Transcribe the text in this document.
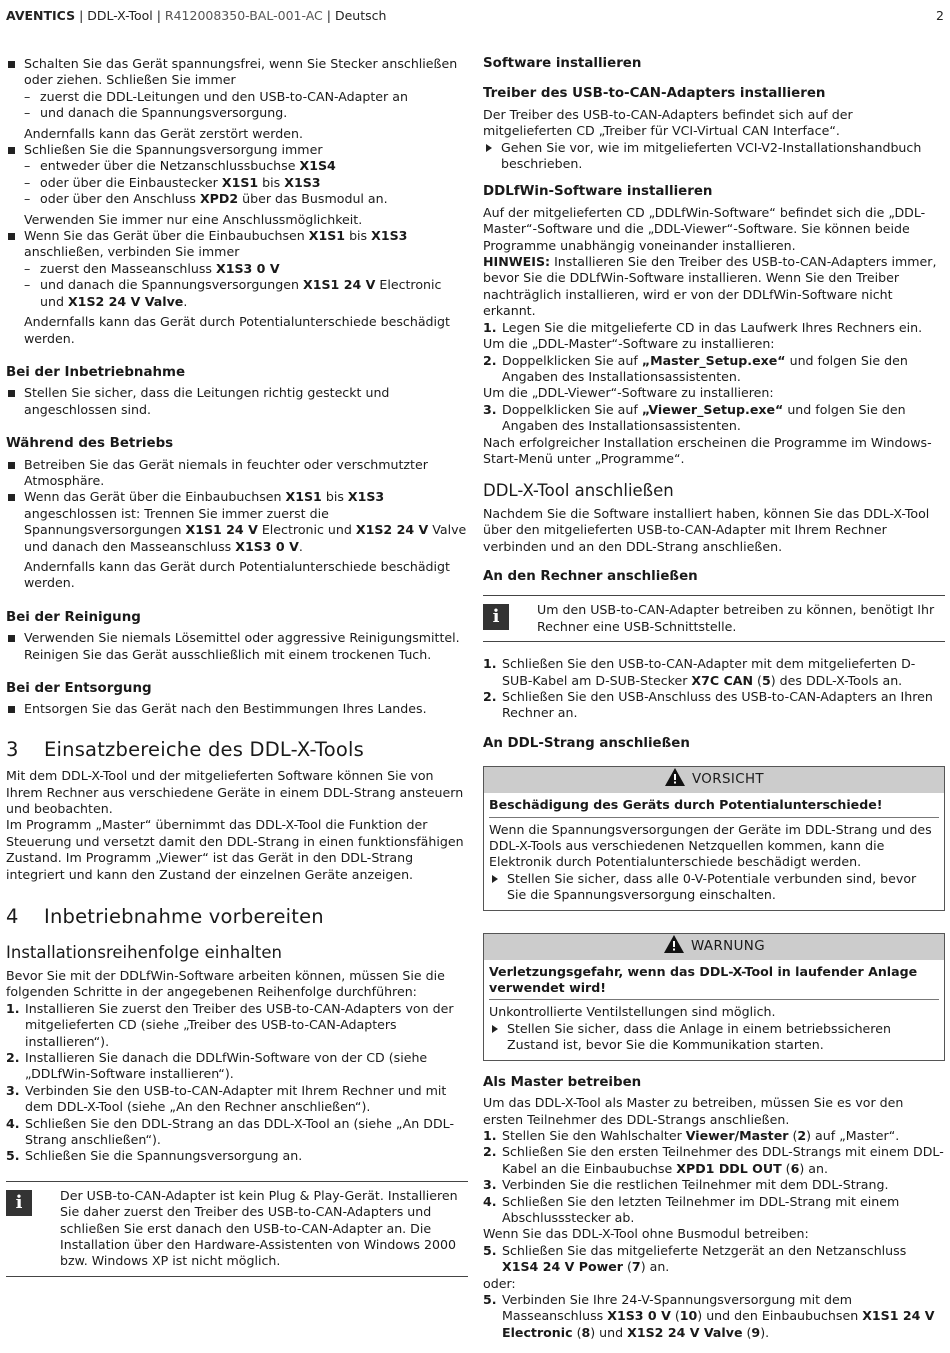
AVENTICS | DDL-X-Tool | R412008350-BAL-001-AC | Deutsch	2
Schalten Sie das Gerät spannungsfrei, wenn Sie Stecker anschließen oder ziehen. Schließen Sie immer
– zuerst die DDL-Leitungen und den USB-to-CAN-Adapter an
– und danach die Spannungsversorgung.
Andernfalls kann das Gerät zerstört werden.
Schließen Sie die Spannungsversorgung immer
– entweder über die Netzanschlussbuchse X1S4
– oder über die Einbaustecker X1S1 bis X1S3
– oder über den Anschluss XPD2 über das Busmodul an.
Verwenden Sie immer nur eine Anschlussmöglichkeit.
Wenn Sie das Gerät über die Einbaubuchsen X1S1 bis X1S3 anschließen, verbinden Sie immer
– zuerst den Masseanschluss X1S3 0 V
– und danach die Spannungsversorgungen X1S1 24 V Electronic und X1S2 24 V Valve.
Andernfalls kann das Gerät durch Potentialunterschiede beschädigt werden.
Bei der Inbetriebnahme
Stellen Sie sicher, dass die Leitungen richtig gesteckt und angeschlossen sind.
Während des Betriebs
Betreiben Sie das Gerät niemals in feuchter oder verschmutzter Atmosphäre.
Wenn das Gerät über die Einbaubuchsen X1S1 bis X1S3 angeschlossen ist: Trennen Sie immer zuerst die Spannungsversorgungen X1S1 24 V Electronic und X1S2 24 V Valve und danach den Masseanschluss X1S3 0 V.
Andernfalls kann das Gerät durch Potentialunterschiede beschädigt werden.
Bei der Reinigung
Verwenden Sie niemals Lösemittel oder aggressive Reinigungsmittel. Reinigen Sie das Gerät ausschließlich mit einem trockenen Tuch.
Bei der Entsorgung
Entsorgen Sie das Gerät nach den Bestimmungen Ihres Landes.
3 Einsatzbereiche des DDL-X-Tools
Mit dem DDL-X-Tool und der mitgelieferten Software können Sie von Ihrem Rechner aus verschiedene Geräte in einem DDL-Strang ansteuern und beobachten.
Im Programm „Master“ übernimmt das DDL-X-Tool die Funktion der Steuerung und versetzt damit den DDL-Strang in einen funktionsfähigen Zustand. Im Programm „Viewer“ ist das Gerät in den DDL-Strang integriert und kann den Zustand der einzelnen Geräte anzeigen.
4 Inbetriebnahme vorbereiten
Installationsreihenfolge einhalten
Bevor Sie mit der DDLfWin-Software arbeiten können, müssen Sie die folgenden Schritte in der angegebenen Reihenfolge durchführen:
1. Installieren Sie zuerst den Treiber des USB-to-CAN-Adapters von der mitgelieferten CD (siehe „Treiber des USB-to-CAN-Adapters installieren“).
2. Installieren Sie danach die DDLfWin-Software von der CD (siehe „DDLfWin-Software installieren“).
3. Verbinden Sie den USB-to-CAN-Adapter mit Ihrem Rechner und mit dem DDL-X-Tool (siehe „An den Rechner anschließen“).
4. Schließen Sie den DDL-Strang an das DDL-X-Tool an (siehe „An DDL-Strang anschließen“).
5. Schließen Sie die Spannungsversorgung an.
i	Der USB-to-CAN-Adapter ist kein Plug & Play-Gerät. Installieren Sie daher zuerst den Treiber des USB-to-CAN-Adapters und schließen Sie erst danach den USB-to-CAN-Adapter an. Die Installation über den Hardware-Assistenten von Windows 2000 bzw. Windows XP ist nicht möglich.
Software installieren
Treiber des USB-to-CAN-Adapters installieren
Der Treiber des USB-to-CAN-Adapters befindet sich auf der mitgelieferten CD „Treiber für VCI-Virtual CAN Interface“.
Gehen Sie vor, wie im mitgelieferten VCI-V2-Installationshandbuch beschrieben.
DDLfWin-Software installieren
Auf der mitgelieferten CD „DDLfWin-Software“ befindet sich die „DDL-Master“-Software und die „DDL-Viewer“-Software. Sie können beide Programme unabhängig voneinander installieren.
HINWEIS: Installieren Sie den Treiber des USB-to-CAN-Adapters immer, bevor Sie die DDLfWin-Software installieren. Wenn Sie den Treiber nachträglich installieren, wird er von der DDLfWin-Software nicht erkannt.
1. Legen Sie die mitgelieferte CD in das Laufwerk Ihres Rechners ein.
Um die „DDL-Master“-Software zu installieren:
2. Doppelklicken Sie auf „Master_Setup.exe“ und folgen Sie den Angaben des Installationsassistenten.
Um die „DDL-Viewer“-Software zu installieren:
3. Doppelklicken Sie auf „Viewer_Setup.exe“ und folgen Sie den Angaben des Installationsassistenten.
Nach erfolgreicher Installation erscheinen die Programme im Windows-Start-Menü unter „Programme“.
DDL-X-Tool anschließen
Nachdem Sie die Software installiert haben, können Sie das DDL-X-Tool über den mitgelieferten USB-to-CAN-Adapter mit Ihrem Rechner verbinden und an den DDL-Strang anschließen.
An den Rechner anschließen
i	Um den USB-to-CAN-Adapter betreiben zu können, benötigt Ihr Rechner eine USB-Schnittstelle.
1. Schließen Sie den USB-to-CAN-Adapter mit dem mitgelieferten D-SUB-Kabel am D-SUB-Stecker X7C CAN (5) des DDL-X-Tools an.
2. Schließen Sie den USB-Anschluss des USB-to-CAN-Adapters an Ihren Rechner an.
An DDL-Strang anschließen
VORSICHT
Beschädigung des Geräts durch Potentialunterschiede!
Wenn die Spannungsversorgungen der Geräte im DDL-Strang und des DDL-X-Tools aus verschiedenen Netzquellen kommen, kann die Elektronik durch Potentialunterschiede beschädigt werden.
Stellen Sie sicher, dass alle 0-V-Potentiale verbunden sind, bevor Sie die Spannungsversorgung einschalten.
WARNUNG
Verletzungsgefahr, wenn das DDL-X-Tool in laufender Anlage verwendet wird!
Unkontrollierte Ventilstellungen sind möglich.
Stellen Sie sicher, dass die Anlage in einem betriebssicheren Zustand ist, bevor Sie die Kommunikation starten.
Als Master betreiben
Um das DDL-X-Tool als Master zu betreiben, müssen Sie es vor den ersten Teilnehmer des DDL-Strangs anschließen.
1. Stellen Sie den Wahlschalter Viewer/Master (2) auf „Master“.
2. Schließen Sie den ersten Teilnehmer des DDL-Strangs mit einem DDL-Kabel an die Einbaubuchse XPD1 DDL OUT (6) an.
3. Verbinden Sie die restlichen Teilnehmer mit dem DDL-Strang.
4. Schließen Sie den letzten Teilnehmer im DDL-Strang mit einem Abschlussstecker ab.
Wenn Sie das DDL-X-Tool ohne Busmodul betreiben:
5. Schließen Sie das mitgelieferte Netzgerät an den Netzanschluss X1S4 24 V Power (7) an.
oder:
5. Verbinden Sie Ihre 24-V-Spannungsversorgung mit dem Masseanschluss X1S3 0 V (10) und den Einbaubuchsen X1S1 24 V Electronic (8) und X1S2 24 V Valve (9).
